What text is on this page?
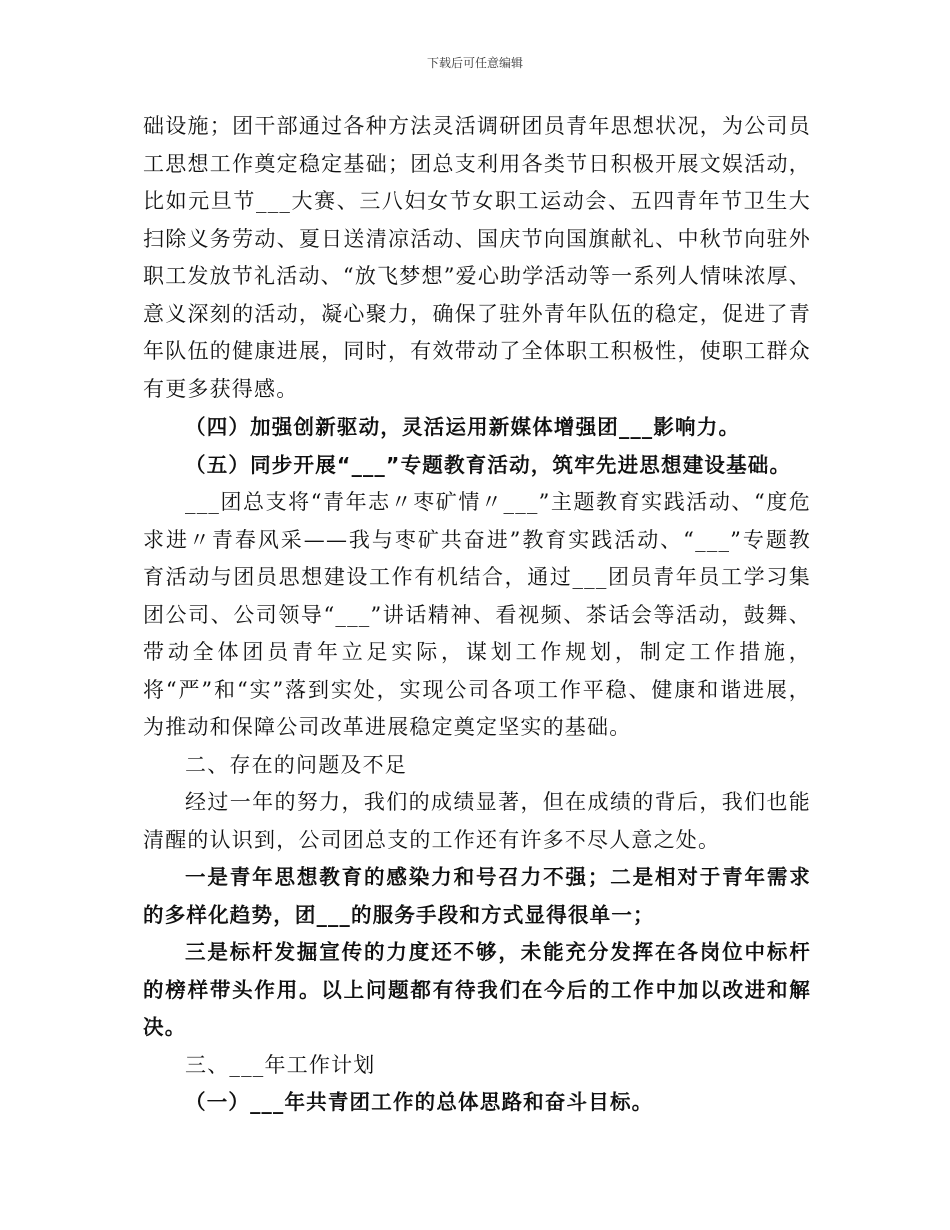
下载后可任意编辑

础设施；团干部通过各种方法灵活调研团员青年思想状况，为公司员工思想工作奠定稳定基础；团总支利用各类节日积极开展文娱活动，比如元旦节___大赛、三八妇女节女职工运动会、五四青年节卫生大扫除义务劳动、夏日送清凉活动、国庆节向国旗献礼、中秋节向驻外职工发放节礼活动、“放飞梦想”爱心助学活动等一系列人情味浓厚、意义深刻的活动，凝心聚力，确保了驻外青年队伍的稳定，促进了青年队伍的健康进展，同时，有效带动了全体职工积极性，使职工群众有更多获得感。

（四）加强创新驱动，灵活运用新媒体增强团___影响力。

（五）同步开展“___”专题教育活动，筑牢先进思想建设基础。

___团总支将“青年志〃枣矿情〃___”主题教育实践活动、“度危求进〃青春风采——我与枣矿共奋进”教育实践活动、“___”专题教育活动与团员思想建设工作有机结合，通过___团员青年员工学习集团公司、公司领导“___”讲话精神、看视频、茶话会等活动，鼓舞、带动全体团员青年立足实际，谋划工作规划，制定工作措施，将“严”和“实”落到实处，实现公司各项工作平稳、健康和谐进展，为推动和保障公司改革进展稳定奠定坚实的基础。

二、存在的问题及不足

经过一年的努力，我们的成绩显著，但在成绩的背后，我们也能清醒的认识到，公司团总支的工作还有许多不尽人意之处。

一是青年思想教育的感染力和号召力不强；二是相对于青年需求的多样化趋势，团___的服务手段和方式显得很单一；

三是标杆发掘宣传的力度还不够，未能充分发挥在各岗位中标杆的榜样带头作用。以上问题都有待我们在今后的工作中加以改进和解决。

三、___年工作计划

（一）___年共青团工作的总体思路和奋斗目标。
